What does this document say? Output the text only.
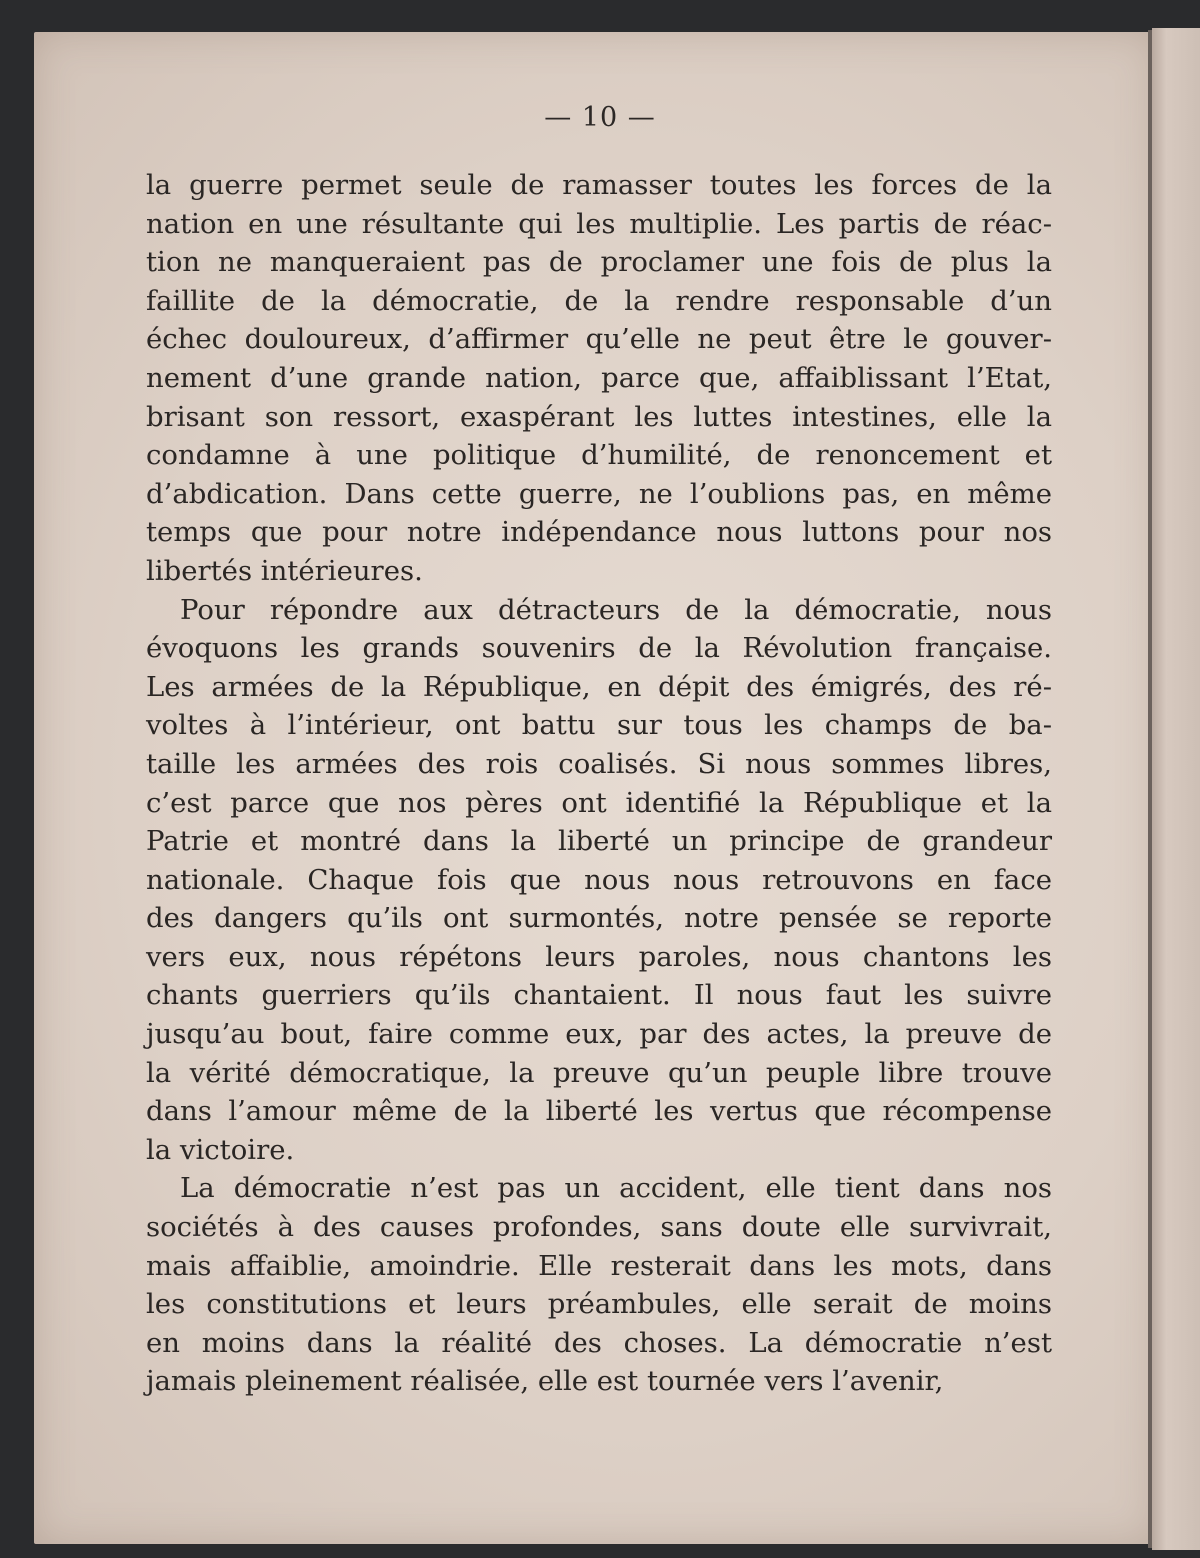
— 10 —

la guerre permet seule de ramasser toutes les forces de la
nation en une résultante qui les multiplie. Les partis de réac-
tion ne manqueraient pas de proclamer une fois de plus la
faillite de la démocratie, de la rendre responsable d’un
échec douloureux, d’affirmer qu’elle ne peut être le gouver-
nement d’une grande nation, parce que, affaiblissant l’Etat,
brisant son ressort, exaspérant les luttes intestines, elle la
condamne à une politique d’humilité, de renoncement et
d’abdication. Dans cette guerre, ne l’oublions pas, en même
temps que pour notre indépendance nous luttons pour nos
libertés intérieures.

Pour répondre aux détracteurs de la démocratie, nous
évoquons les grands souvenirs de la Révolution française.
Les armées de la République, en dépit des émigrés, des ré-
voltes à l’intérieur, ont battu sur tous les champs de ba-
taille les armées des rois coalisés. Si nous sommes libres,
c’est parce que nos pères ont identifié la République et la
Patrie et montré dans la liberté un principe de grandeur
nationale. Chaque fois que nous nous retrouvons en face
des dangers qu’ils ont surmontés, notre pensée se reporte
vers eux, nous répétons leurs paroles, nous chantons les
chants guerriers qu’ils chantaient. Il nous faut les suivre
jusqu’au bout, faire comme eux, par des actes, la preuve de
la vérité démocratique, la preuve qu’un peuple libre trouve
dans l’amour même de la liberté les vertus que récompense
la victoire.

La démocratie n’est pas un accident, elle tient dans nos
sociétés à des causes profondes, sans doute elle survivrait,
mais affaiblie, amoindrie. Elle resterait dans les mots, dans
les constitutions et leurs préambules, elle serait de moins
en moins dans la réalité des choses. La démocratie n’est
jamais pleinement réalisée, elle est tournée vers l’avenir,
